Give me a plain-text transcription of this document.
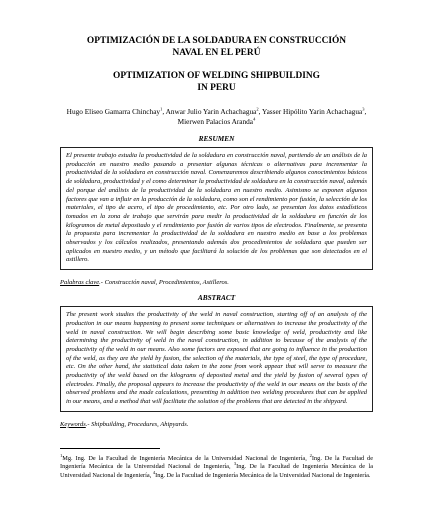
OPTIMIZACIÓN DE LA SOLDADURA EN CONSTRUCCIÓN
NAVAL EN EL PERÚ

OPTIMIZATION OF WELDING SHIPBUILDING
IN PERU

Hugo Eliseo Gamarra Chinchay$^1$, Anwar Julio Yarin Achachagua$^2$, Yasser Hipólito Yarin Achachagua$^3$, Mierwen Palacios Aranda$^4$
RESUMEN

El presente trabajo estudia la productividad de la soldadura en construcción naval, partiendo de un análisis de la producción en nuestro medio pasando a presentar algunas técnicas o alternativas para incrementar la productividad de la soldadura en construcción naval. Comenzaremos describiendo algunos conocimientos básicos de soldadura, productividad y el como determinar la productividad de soldadura en la construcción naval, además del porque del análisis de la productividad de la soldadura en nuestro medio. Asimismo se exponen algunos factores que van a influir en la producción de la soldadura, como son el rendimiento por fusión, la selección de los materiales, el tipo de acero, el tipo de procedimiento, etc. Por otro lado, se presentan los datos estadísticos tomados en la zona de trabajo que servirán para medir la productividad de la soldadura en función de los kilogramos de metal depositado y el rendimiento por fusión de varios tipos de electrodos. Finalmente, se presenta la propuesta para incrementar la productividad de la soldadura en nuestro medio en base a los problemas observados y los cálculos realizados, presentando además dos procedimientos de soldadura que pueden ser aplicados en nuestro medio, y un método que facilitará la solución de los problemas que son detectados en el astillero.

Palabras clave.- Construcción naval, Procedimientos, Astilleros.
ABSTRACT

The present work studies the productivity of the weld in naval construction, starting off of an analysis of the production in our means happening to present some techniques or alternatives to increase the productivity of the weld in naval construction. We will begin describing some basic knowledge of weld, productivity and like determining the productivity of weld in the naval construction, in addition to because of the analysis of the productivity of the weld in our means. Also some factors are exposed that are going to influence in the production of the weld, as they are the yield by fusion, the selection of the materials, the type of steel, the type of procedure, etc. On the other hand, the statistical data taken in the zone from work appear that will serve to measure the productivity of the weld based on the kilograms of deposited metal and the yield by fusion of several types of electrodes. Finally, the proposal appears to increase the productivity of the weld in our means on the basis of the observed problems and the made calculations, presenting in addition two welding procedures that can be applied in our means, and a method that will facilitate the solution of the problems that are detected in the shipyard.

Keywords.- Shipbuilding, Procedures, Ahipyards.
$^1$Mg. Ing. De la Facultad de Ingeniería Mecánica de la Universidad Nacional de Ingeniería, $^2$Ing. De la Facultad de Ingeniería Mecánica de la Universidad Nacional de Ingeniería, $^3$Ing. De la Facultad de Ingeniería Mecánica de la Universidad Nacional de Ingeniería, $^4$Ing. De la Facultad de Ingeniería Mecánica de la Universidad Nacional de Ingeniería.
